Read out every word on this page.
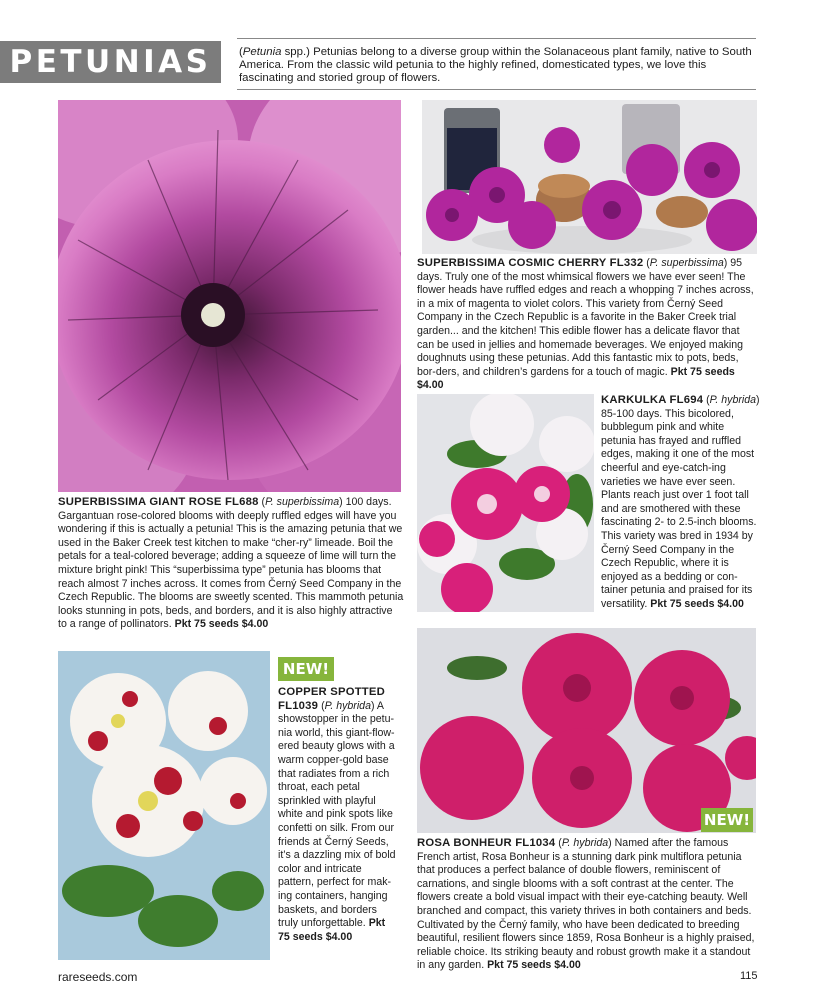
PETUNIAS	(Petunia spp.) Petunias belong to a diverse group within the Solanaceous plant family, native to South America. From the classic wild petunia to the highly refined, domesticated types, we love this fascinating and storied group of flowers.
SUPERBISSIMA COSMIC CHERRY FL332 (P. superbissima) 95 days. Truly one of the most whimsical flowers we have ever seen! The flower heads have ruffled edges and reach a whopping 7 inches across, in a mix of magenta to violet colors. This variety from Černý Seed Company in the Czech Republic is a favorite in the Baker Creek trial garden... and the kitchen! This edible flower has a delicate flavor that can be used in jellies and homemade beverages. We enjoyed making doughnuts using these petunias. Add this fantastic mix to pots, beds, bor-ders, and children’s gardens for a touch of magic. Pkt 75 seeds $4.00
KARKULKA FL694 (P. hybrida) 85-100 days. This bicolored, bubblegum pink and white petunia has frayed and ruffled edges, making it one of the most cheerful and eye-catch-ing varieties we have ever seen. Plants reach just over 1 foot tall and are smothered with these fascinating 2- to 2.5-inch blooms. This variety was bred in 1934 by Černý Seed Company in the Czech Republic, where it is enjoyed as a bedding or con-tainer petunia and praised for its versatility. Pkt 75 seeds $4.00
SUPERBISSIMA GIANT ROSE FL688 (P. superbissima) 100 days. Gargantuan rose-colored blooms with deeply ruffled edges will have you wondering if this is actually a petunia! This is the amazing petunia that we used in the Baker Creek test kitchen to make “cher-ry” limeade. Boil the petals for a teal-colored beverage; adding a squeeze of lime will turn the mixture bright pink! This “superbissima type” petunia has blooms that reach almost 7 inches across. It comes from Černý Seed Company in the Czech Republic. The blooms are sweetly scented. This mammoth petunia looks stunning in pots, beds, and borders, and it is also highly attractive to a range of pollinators. Pkt 75 seeds $4.00
NEW!
COPPER SPOTTED FL1039 (P. hybrida) A showstopper in the petu-nia world, this giant-flow-ered beauty glows with a warm copper-gold base that radiates from a rich throat, each petal sprinkled with playful white and pink spots like confetti on silk. From our friends at Černý Seeds, it’s a dazzling mix of bold color and intricate pattern, perfect for mak-ing containers, hanging baskets, and borders truly unforgettable. Pkt 75 seeds $4.00
NEW!
ROSA BONHEUR FL1034 (P. hybrida) Named after the famous French artist, Rosa Bonheur is a stunning dark pink multiflora petunia that produces a perfect balance of double flowers, reminiscent of carnations, and single blooms with a soft contrast at the center. The flowers create a bold visual impact with their eye-catching beauty. Well branched and compact, this variety thrives in both containers and beds. Cultivated by the Černý family, who have been dedicated to breeding beautiful, resilient flowers since 1859, Rosa Bonheur is a highly praised, reliable choice. Its striking beauty and robust growth make it a standout in any garden. Pkt 75 seeds $4.00
rareseeds.com	115
